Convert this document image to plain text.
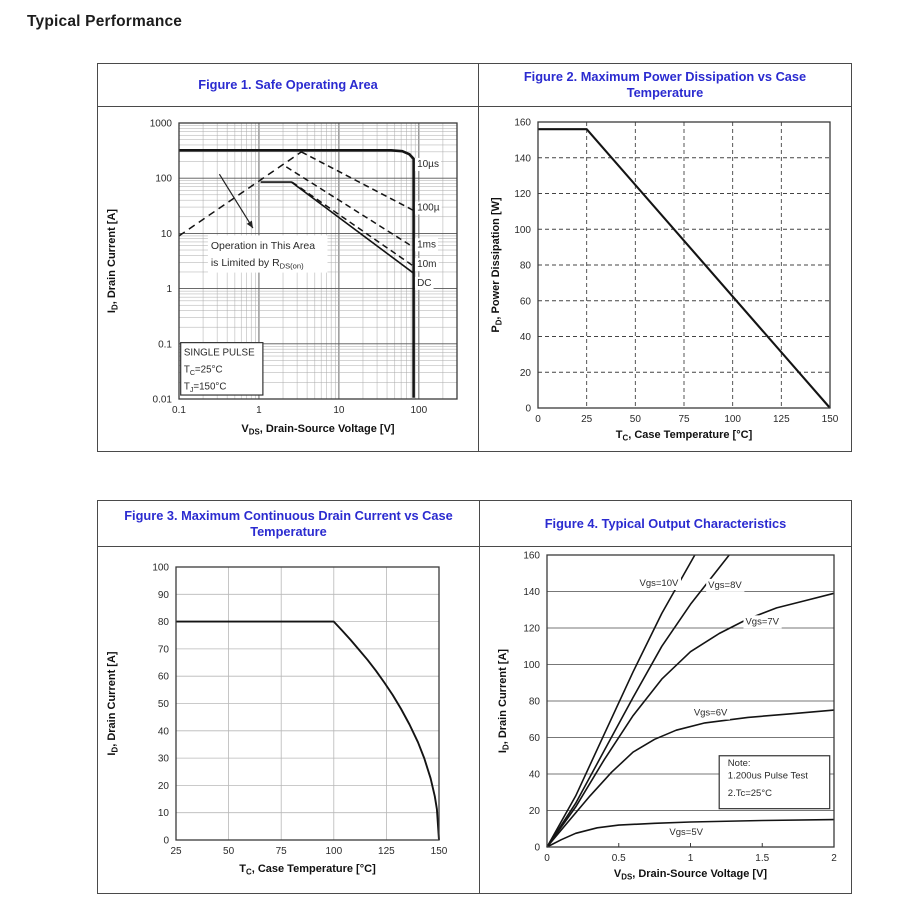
Typical Performance
Figure 1. Safe Operating Area
10µs
100µ
1ms
10m
DC
Operation in This Area
is Limited by $R_{DS(on)}$
SINGLE PULSE
$T_C=25^\circ C$
$T_J=150^\circ C$
0.1	1	10	100
0.01
0.1
1
10
100
1000
$V_{DS}$, Drain-Source Voltage [V]
$I_D$, Drain Current [A]
Figure 2. Maximum Power Dissipation vs Case Temperature
0	25	50	75	100	125	150
0
20
40
60
80
100
120
140
160
$T_C$, Case Temperature [°C]
$P_D$, Power Dissipation [W]
Figure 3. Maximum Continuous Drain Current vs Case Temperature
25	50	75	100	125	150
0
10
20
30
40
50
60
70
80
90
100
$T_C$, Case Temperature [°C]
$I_D$, Drain Current [A]
Figure 4. Typical Output Characteristics
Vgs=10V	Vgs=8V
Vgs=7V
Vgs=6V
Vgs=5V
Note:
1.200us Pulse Test
2.Tc=25°C
0	0.5	1	1.5	2
0
20
40
60
80
100
120
140
160
$V_{DS}$, Drain-Source Voltage [V]
$I_D$, Drain Current [A]
